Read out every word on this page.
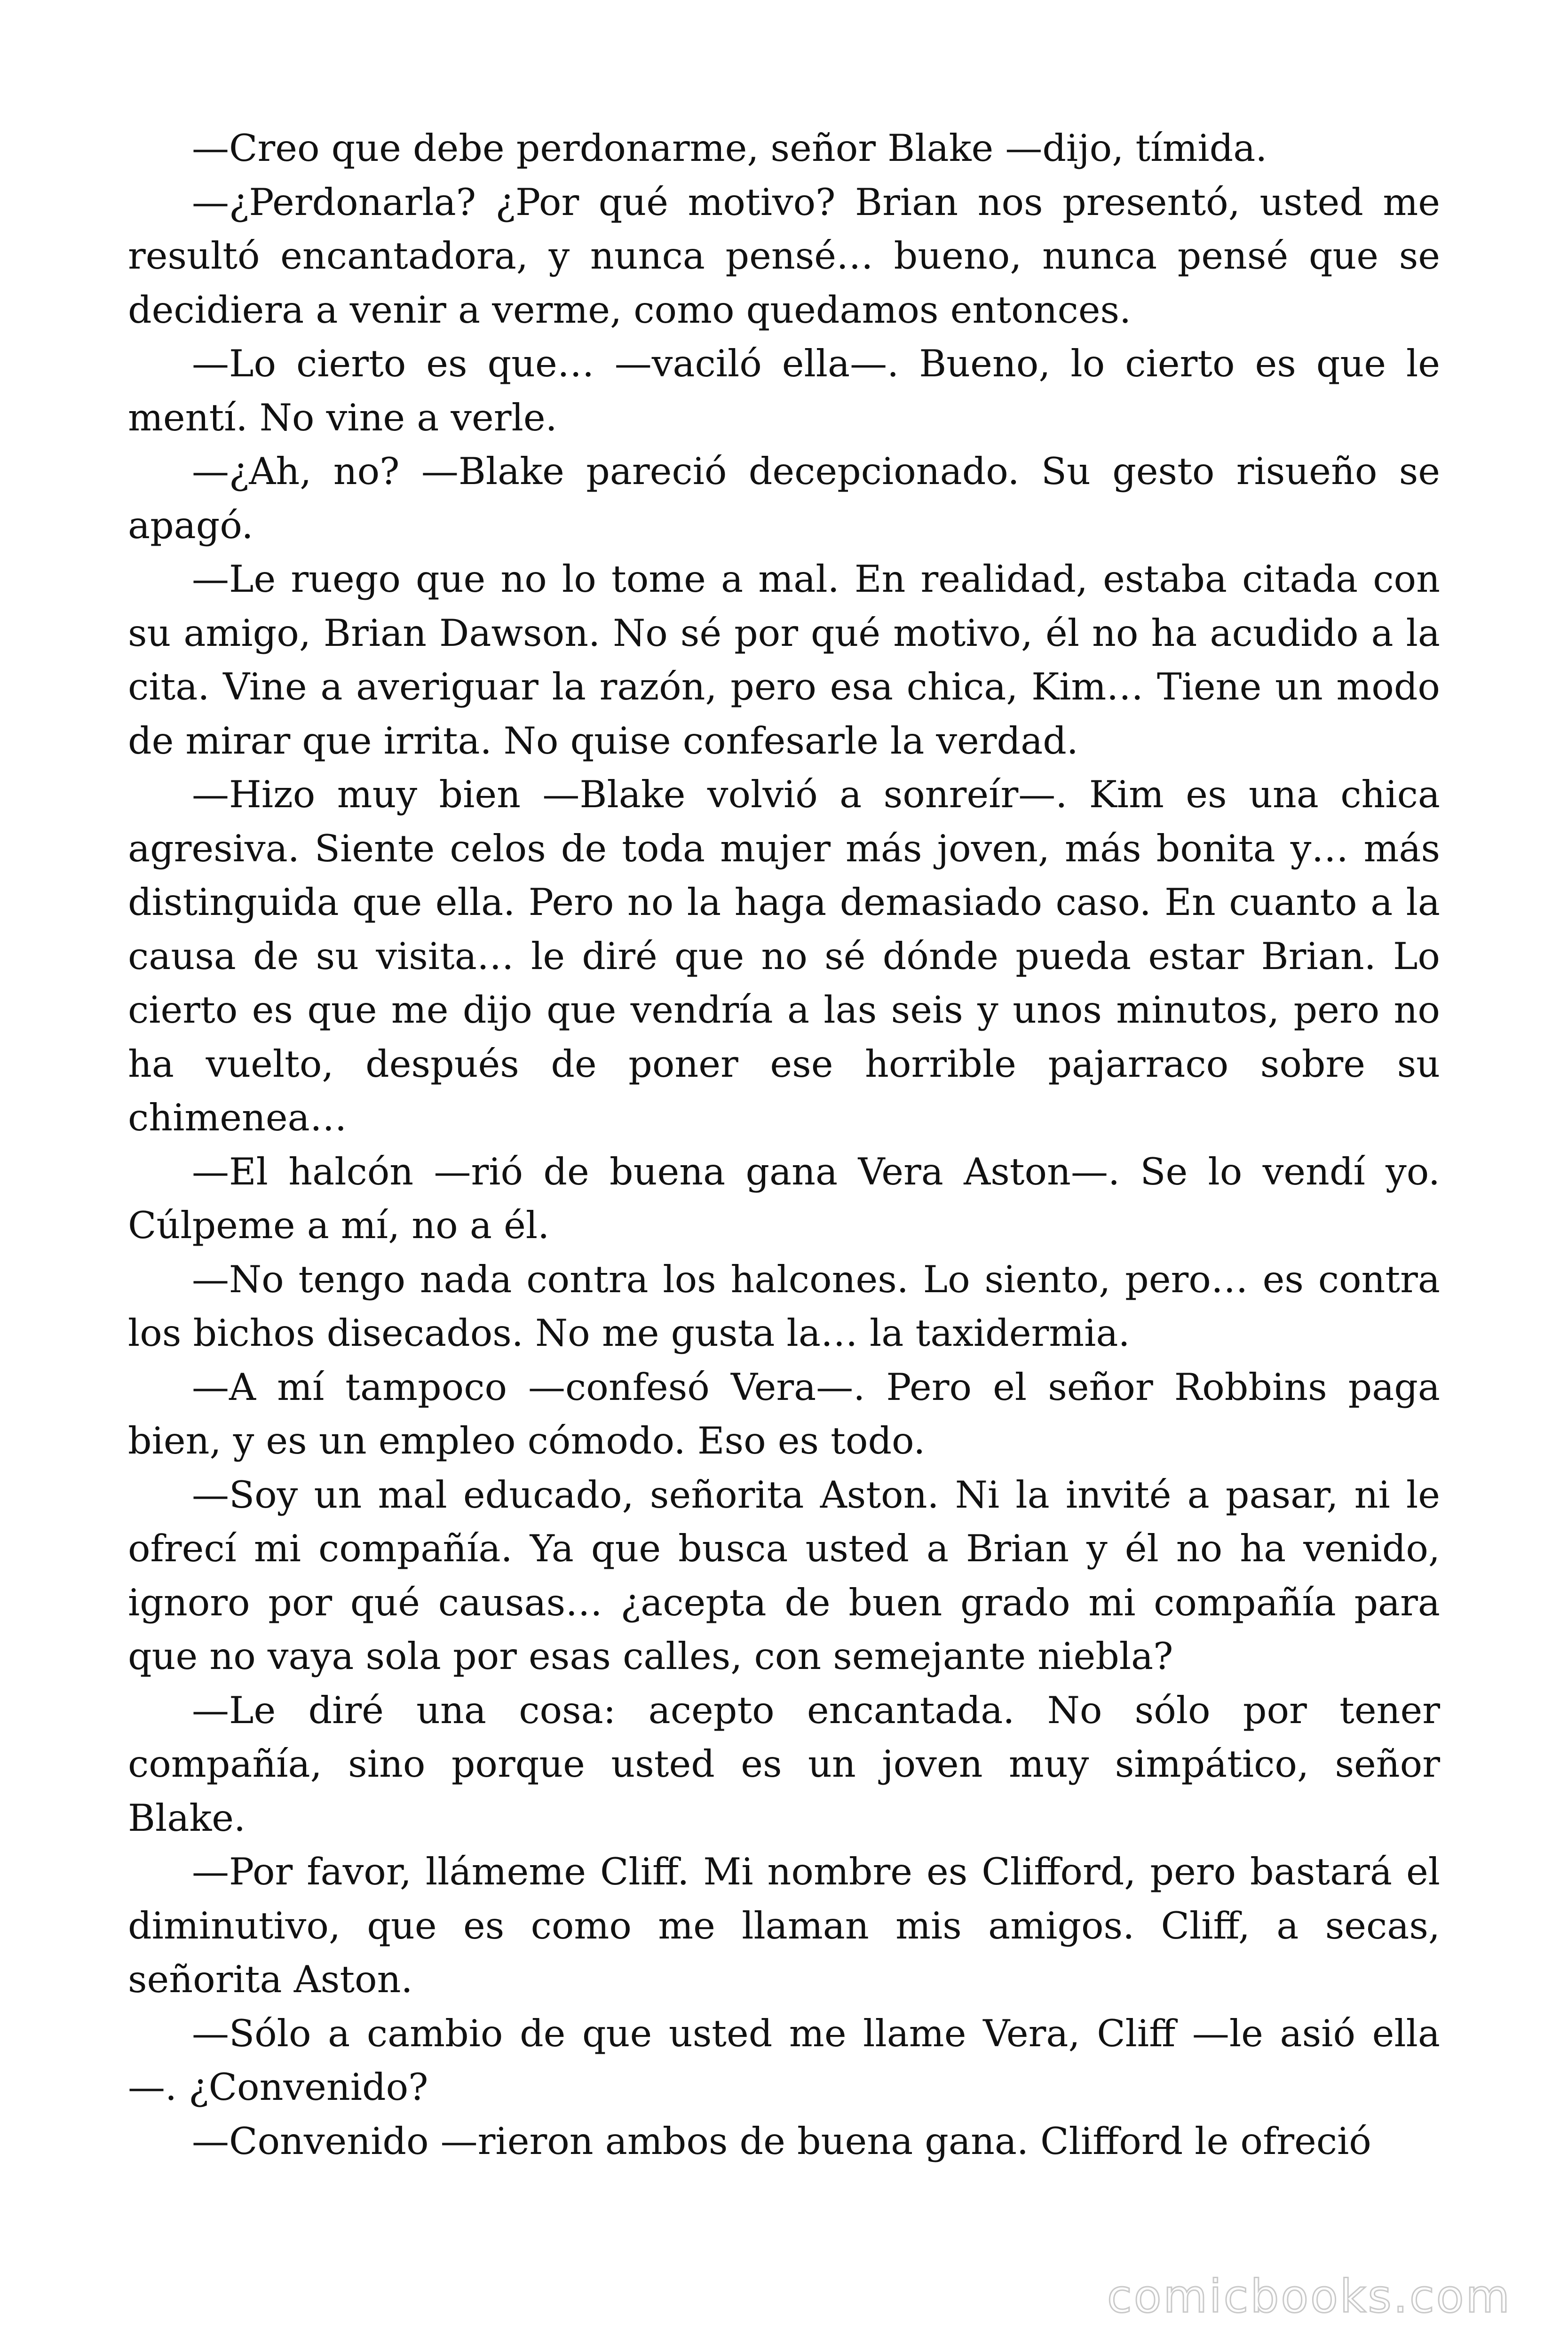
—Creo que debe perdonarme, señor Blake —dijo, tímida.

—¿Perdonarla? ¿Por qué motivo? Brian nos presentó, usted me resultó encantadora, y nunca pensé… bueno, nunca pensé que se decidiera a venir a verme, como quedamos entonces.

—Lo cierto es que… —vaciló ella—. Bueno, lo cierto es que le mentí. No vine a verle.

—¿Ah, no? —Blake pareció decepcionado. Su gesto risueño se apagó.

—Le ruego que no lo tome a mal. En realidad, estaba citada con su amigo, Brian Dawson. No sé por qué motivo, él no ha acudido a la cita. Vine a averiguar la razón, pero esa chica, Kim… Tiene un modo de mirar que irrita. No quise confesarle la verdad.

—Hizo muy bien —Blake volvió a sonreír—. Kim es una chica agresiva. Siente celos de toda mujer más joven, más bonita y… más distinguida que ella. Pero no la haga demasiado caso. En cuanto a la causa de su visita… le diré que no sé dónde pueda estar Brian. Lo cierto es que me dijo que vendría a las seis y unos minutos, pero no ha vuelto, después de poner ese horrible pajarraco sobre su chimenea…

—El halcón —rió de buena gana Vera Aston—. Se lo vendí yo. Cúlpeme a mí, no a él.

—No tengo nada contra los halcones. Lo siento, pero… es contra los bichos disecados. No me gusta la… la taxidermia.

—A mí tampoco —confesó Vera—. Pero el señor Robbins paga bien, y es un empleo cómodo. Eso es todo.

—Soy un mal educado, señorita Aston. Ni la invité a pasar, ni le ofrecí mi compañía. Ya que busca usted a Brian y él no ha venido, ignoro por qué causas… ¿acepta de buen grado mi compañía para que no vaya sola por esas calles, con semejante niebla?

—Le diré una cosa: acepto encantada. No sólo por tener compañía, sino porque usted es un joven muy simpático, señor Blake.

—Por favor, llámeme Cliff. Mi nombre es Clifford, pero bastará el diminutivo, que es como me llaman mis amigos. Cliff, a secas, señorita Aston.

—Sólo a cambio de que usted me llame Vera, Cliff —le asió ella —. ¿Convenido?

—Convenido —rieron ambos de buena gana. Clifford le ofreció

comicbooks.com
